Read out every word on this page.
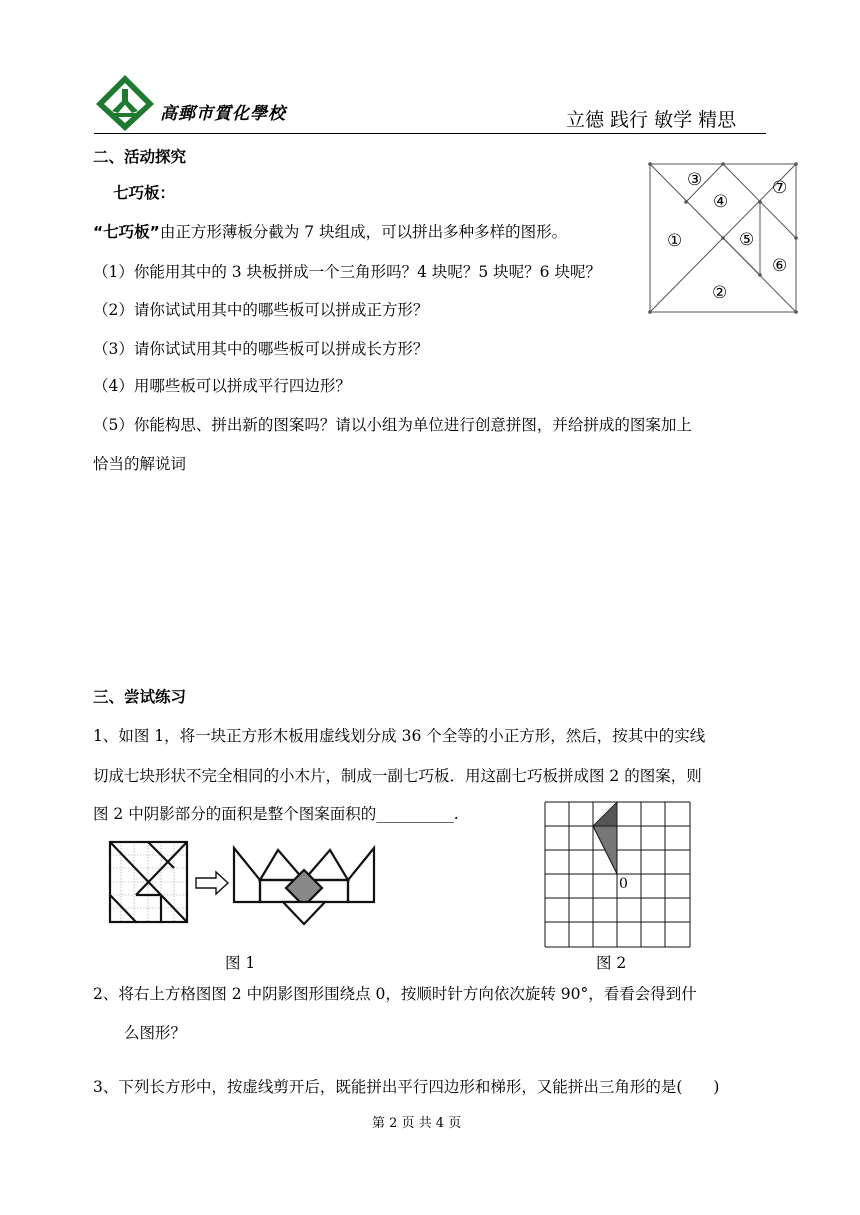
高郵市質化學校	立德 践行 敏学 精思
二、活动探究
七巧板：
“七巧板”由正方形薄板分截为 7 块组成，可以拼出多种多样的图形。
（1）你能用其中的 3 块板拼成一个三角形吗？4 块呢？5 块呢？6 块呢？
（2）请你试试用其中的哪些板可以拼成正方形？
（3）请你试试用其中的哪些板可以拼成长方形？
（4）用哪些板可以拼成平行四边形？
（5）你能构思、拼出新的图案吗？请以小组为单位进行创意拼图，并给拼成的图案加上
恰当的解说词
①
②
③
④
⑤
⑥
⑦
三、尝试练习
1、如图 1，将一块正方形木板用虚线划分成 36 个全等的小正方形，然后，按其中的实线
切成七块形状不完全相同的小木片，制成一副七巧板．用这副七巧板拼成图 2 的图案，则
图 2 中阴影部分的面积是整个图案面积的__________.
图 1
0
图 2
2、将右上方格图图 2 中阴影图形围绕点 0，按顺时针方向依次旋转 90°，看看会得到什
么图形？
3、下列长方形中，按虚线剪开后，既能拼出平行四边形和梯形，又能拼出三角形的是(　　)
第 2 页 共 4 页
